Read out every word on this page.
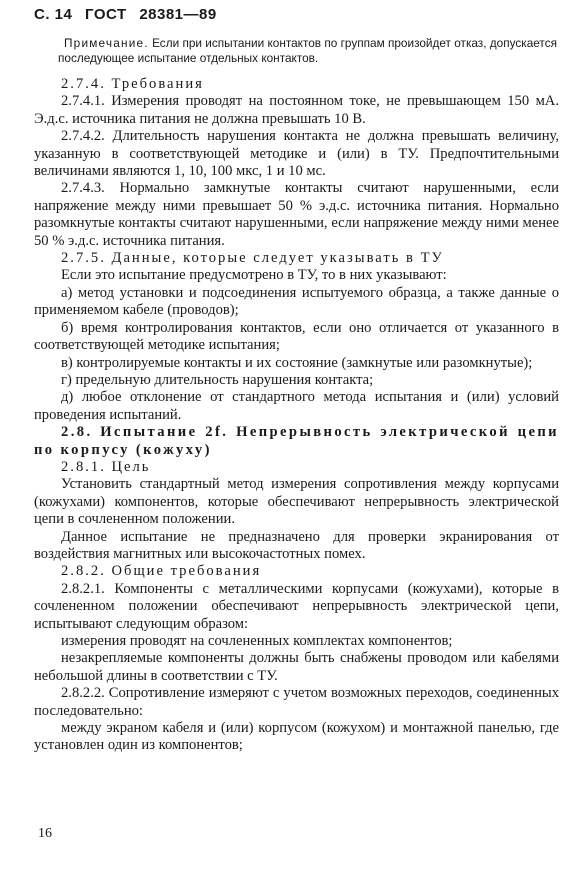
С. 14 ГОСТ 28381—89
Примечание. Если при испытании контактов по группам произойдет отказ, допускается последующее испытание отдельных контактов.

2.7.4. Требования

2.7.4.1. Измерения проводят на постоянном токе, не превышающем 150 мА. Э.д.с. источника питания не должна превышать 10 В.

2.7.4.2. Длительность нарушения контакта не должна превышать величину, указанную в соответствующей методике и (или) в ТУ. Предпочтительными величинами являются 1, 10, 100 мкс, 1 и 10 мс.

2.7.4.3. Нормально замкнутые контакты считают нарушенными, если напряжение между ними превышает 50 % э.д.с. источника питания. Нормально разомкнутые контакты считают нарушенными, если напряжение между ними менее 50 % э.д.с. источника питания.

2.7.5. Данные, которые следует указывать в ТУ

Если это испытание предусмотрено в ТУ, то в них указывают:

а) метод установки и подсоединения испытуемого образца, а также данные о применяемом кабеле (проводов);

б) время контролирования контактов, если оно отличается от указанного в соответствующей методике испытания;

в) контролируемые контакты и их состояние (замкнутые или разомкнутые);

г) предельную длительность нарушения контакта;

д) любое отклонение от стандартного метода испытания и (или) условий проведения испытаний.

2.8. Испытание 2f. Непрерывность электрической цепи по корпусу (кожуху)

2.8.1. Цель

Установить стандартный метод измерения сопротивления между корпусами (кожухами) компонентов, которые обеспечивают непрерывность электрической цепи в сочлененном положении.

Данное испытание не предназначено для проверки экранирования от воздействия магнитных или высокочастотных помех.

2.8.2. Общие требования

2.8.2.1. Компоненты с металлическими корпусами (кожухами), которые в сочлененном положении обеспечивают непрерывность электрической цепи, испытывают следующим образом:

измерения проводят на сочлененных комплектах компонентов;

незакрепляемые компоненты должны быть снабжены проводом или кабелями небольшой длины в соответствии с ТУ.

2.8.2.2. Сопротивление измеряют с учетом возможных переходов, соединенных последовательно:

между экраном кабеля и (или) корпусом (кожухом) и монтажной панелью, где установлен один из компонентов;

16
